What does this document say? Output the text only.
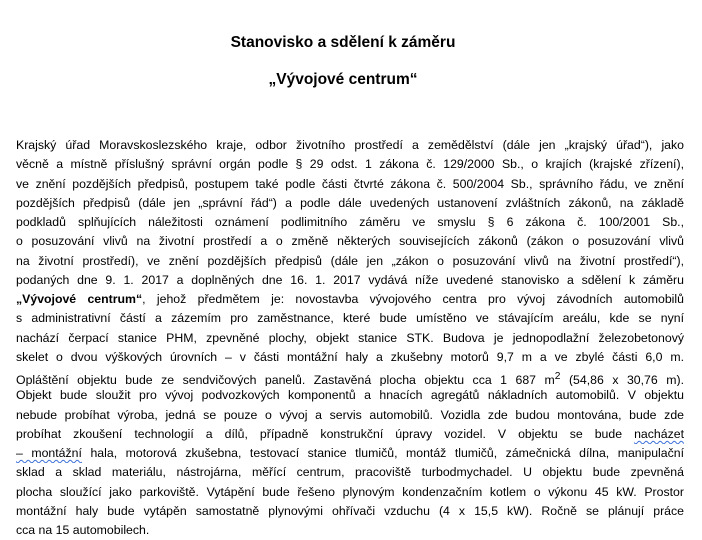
Stanovisko a sdělení k záměru
„Vývojové centrum“
Krajský úřad Moravskoslezského kraje, odbor životního prostředí a zemědělství (dále jen „krajský úřad“), jako
věcně a místně příslušný správní orgán podle § 29 odst. 1 zákona č. 129/2000 Sb., o krajích (krajské zřízení),
ve znění pozdějších předpisů, postupem také podle části čtvrté zákona č. 500/2004 Sb., správního řádu, ve znění
pozdějších předpisů (dále jen „správní řád“) a podle dále uvedených ustanovení zvláštních zákonů, na základě
podkladů splňujících náležitosti oznámení podlimitního záměru ve smyslu § 6 zákona č. 100/2001 Sb.,
o posuzování vlivů na životní prostředí a o změně některých souvisejících zákonů (zákon o posuzování vlivů
na životní prostředí), ve znění pozdějších předpisů (dále jen „zákon o posuzování vlivů na životní prostředí“),
podaných dne 9. 1. 2017 a doplněných dne 16. 1. 2017 vydává níže uvedené stanovisko a sdělení k záměru
„Vývojové centrum“, jehož předmětem je: novostavba vývojového centra pro vývoj závodních automobilů
s administrativní částí a zázemím pro zaměstnance, které bude umístěno ve stávajícím areálu, kde se nyní
nachází čerpací stanice PHM, zpevněné plochy, objekt stanice STK. Budova je jednopodlažní železobetonový
skelet o dvou výškových úrovních – v části montážní haly a zkušebny motorů 9,7 m a ve zbylé části 6,0 m.
Opláštění objektu bude ze sendvičových panelů. Zastavěná plocha objektu cca 1 687 $m^2$ (54,86 x 30,76 m).
Objekt bude sloužit pro vývoj podvozkových komponentů a hnacích agregátů nákladních automobilů. V objektu
nebude probíhat výroba, jedná se pouze o vývoj a servis automobilů. Vozidla zde budou montována, bude zde
probíhat zkoušení technologií a dílů, případně konstrukční úpravy vozidel. V objektu se bude nacházet
– montážní hala, motorová zkušebna, testovací stanice tlumičů, montáž tlumičů, zámečnická dílna, manipulační
sklad a sklad materiálu, nástrojárna, měřící centrum, pracoviště turbodmychadel. U objektu bude zpevněná
plocha sloužící jako parkoviště. Vytápění bude řešeno plynovým kondenzačním kotlem o výkonu 45 kW. Prostor
montážní haly bude vytápěn samostatně plynovými ohřívači vzduchu (4 x 15,5 kW). Ročně se plánují práce
cca na 15 automobilech.
